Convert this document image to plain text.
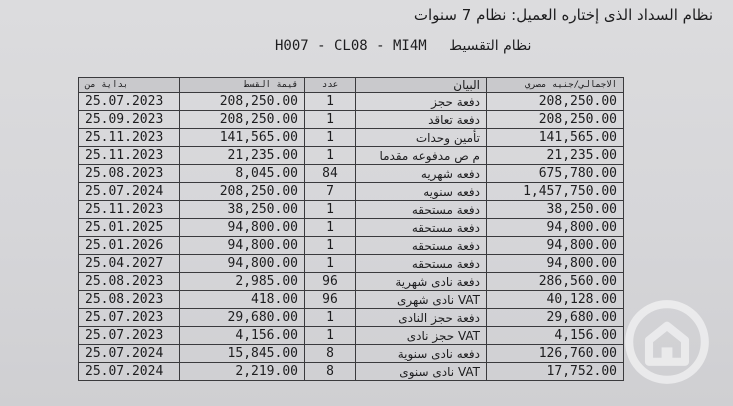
نظام السداد الذى إختاره العميل: نظام 7 سنوات
H007 - CL08 - MI4M نظام التقسيط
بداية من	قيمة القسط	عدد	البيان	الاجمالي/جنيه مصري
25.07.2023	208,250.00	1	دفعة حجز	208,250.00
25.09.2023	208,250.00	1	دفعة تعاقد	208,250.00
25.11.2023	141,565.00	1	تأمين وحدات	141,565.00
25.11.2023	21,235.00	1	م ص مدفوعه مقدما	21,235.00
25.08.2023	8,045.00	84	دفعه شهريه	675,780.00
25.07.2024	208,250.00	7	دفعه سنويه	1,457,750.00
25.11.2023	38,250.00	1	دفعة مستحقه	38,250.00
25.01.2025	94,800.00	1	دفعة مستحقه	94,800.00
25.01.2026	94,800.00	1	دفعة مستحقه	94,800.00
25.04.2027	94,800.00	1	دفعة مستحقه	94,800.00
25.08.2023	2,985.00	96	دفعة نادى شهرية	286,560.00
25.08.2023	418.00	96	VAT نادى شهرى	40,128.00
25.07.2023	29,680.00	1	دفعة حجز النادى	29,680.00
25.07.2023	4,156.00	1	VAT حجز نادى	4,156.00
25.07.2024	15,845.00	8	دفعه نادى سنوية	126,760.00
25.07.2024	2,219.00	8	VAT نادى سنوى	17,752.00
